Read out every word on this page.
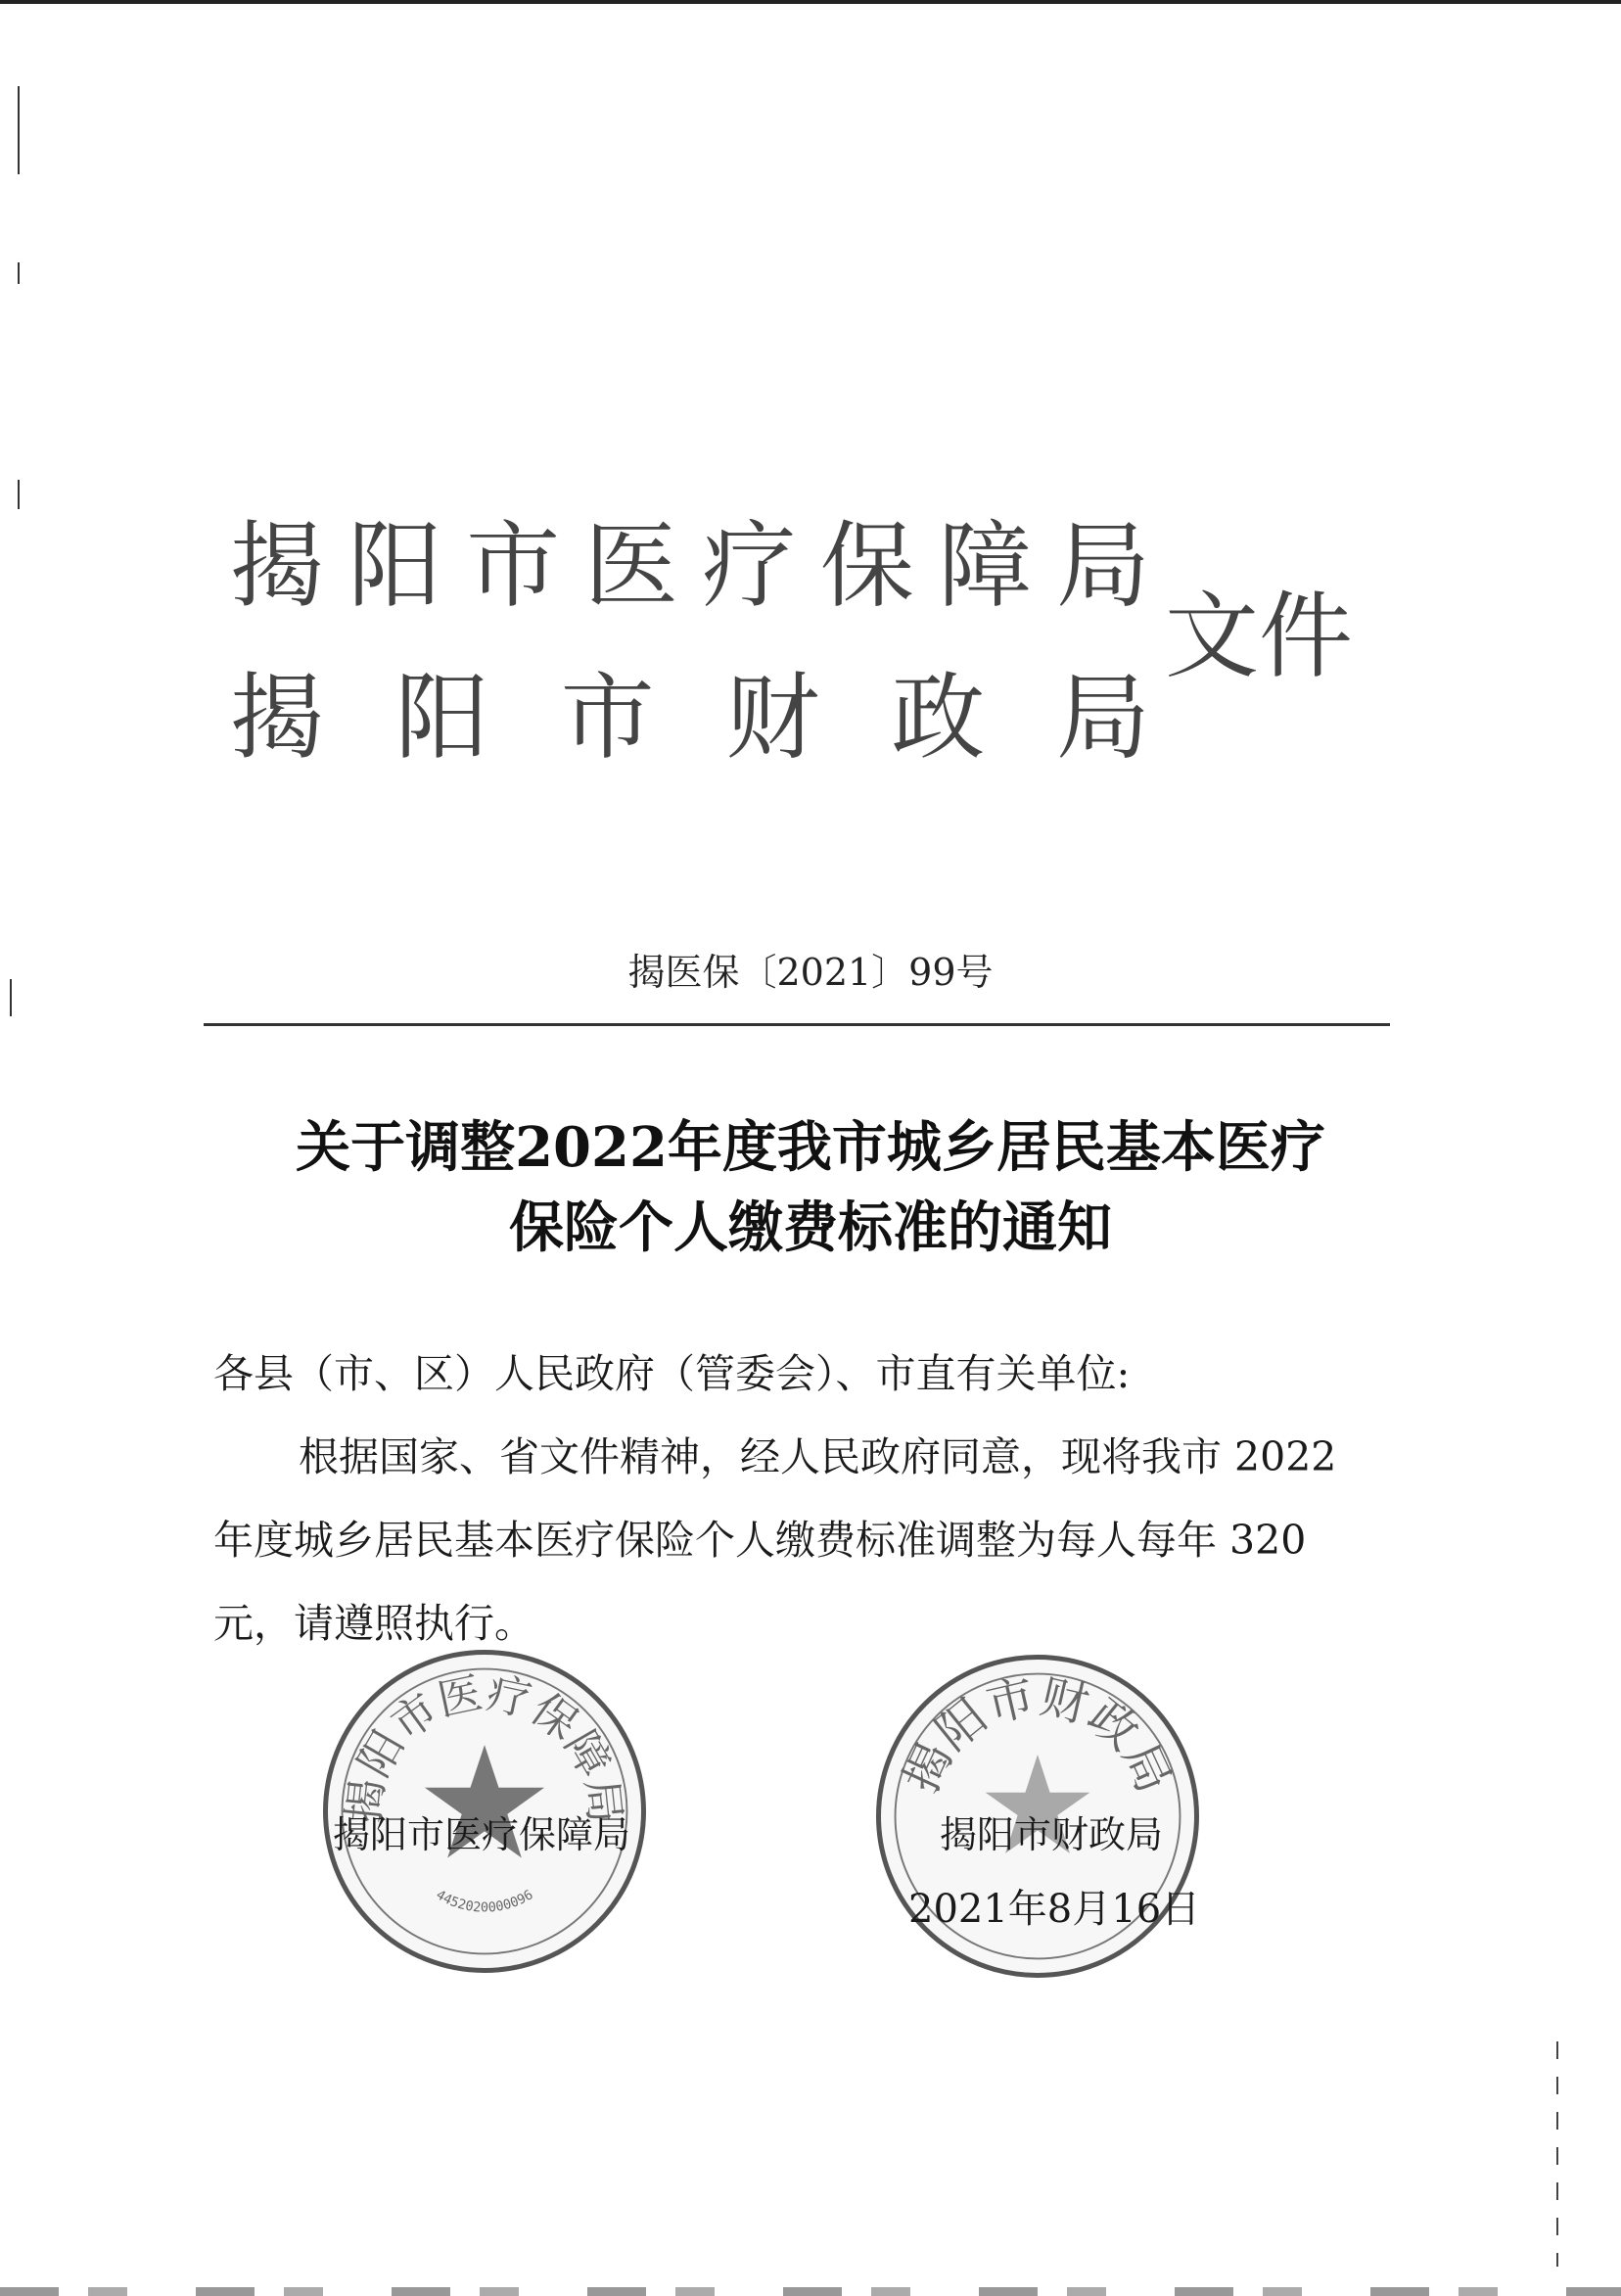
揭 阳 市 医 疗 保 障 局
揭 阳 市 财 政 局
文件
揭医保〔2021〕99号
关于调整2022年度我市城乡居民基本医疗
保险个人缴费标准的通知
各县（市、区）人民政府（管委会）、市直有关单位:
根据国家、省文件精神，经人民政府同意，现将我市 2022
年度城乡居民基本医疗保险个人缴费标准调整为每人每年 320
元，请遵照执行。
揭阳市医疗保障局
4452020000096
揭阳市财政局
揭阳市医疗保障局	揭阳市财政局
2021年8月16日
